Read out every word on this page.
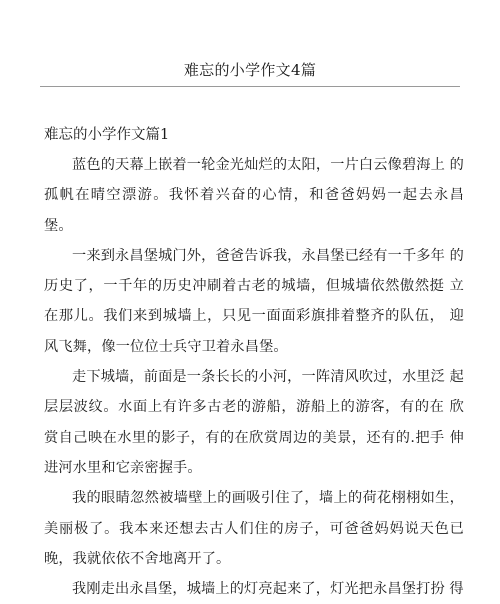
难忘的小学作文4篇
难忘的小学作文篇1

蓝色的天幕上嵌着一轮金光灿烂的太阳，一片白云像碧海上 的孤帆在晴空漂游。我怀着兴奋的心情，和爸爸妈妈一起去永昌 堡。

一来到永昌堡城门外，爸爸告诉我，永昌堡已经有一千多年 的历史了，一千年的历史冲刷着古老的城墙，但城墙依然傲然挺 立在那儿。我们来到城墙上，只见一面面彩旗排着整齐的队伍， 迎风飞舞，像一位位士兵守卫着永昌堡。

走下城墙，前面是一条长长的小河，一阵清风吹过，水里泛 起层层波纹。水面上有许多古老的游船，游船上的游客，有的在 欣赏自己映在水里的影子，有的在欣赏周边的美景，还有的.把手 伸进河水里和它亲密握手。

我的眼睛忽然被墙壁上的画吸引住了，墙上的荷花栩栩如生，美丽极了。我本来还想去古人们住的房子，可爸爸妈妈说天色已 晚，我就依依不舍地离开了。

我刚走出永昌堡，城墙上的灯亮起来了，灯光把永昌堡打扮 得
